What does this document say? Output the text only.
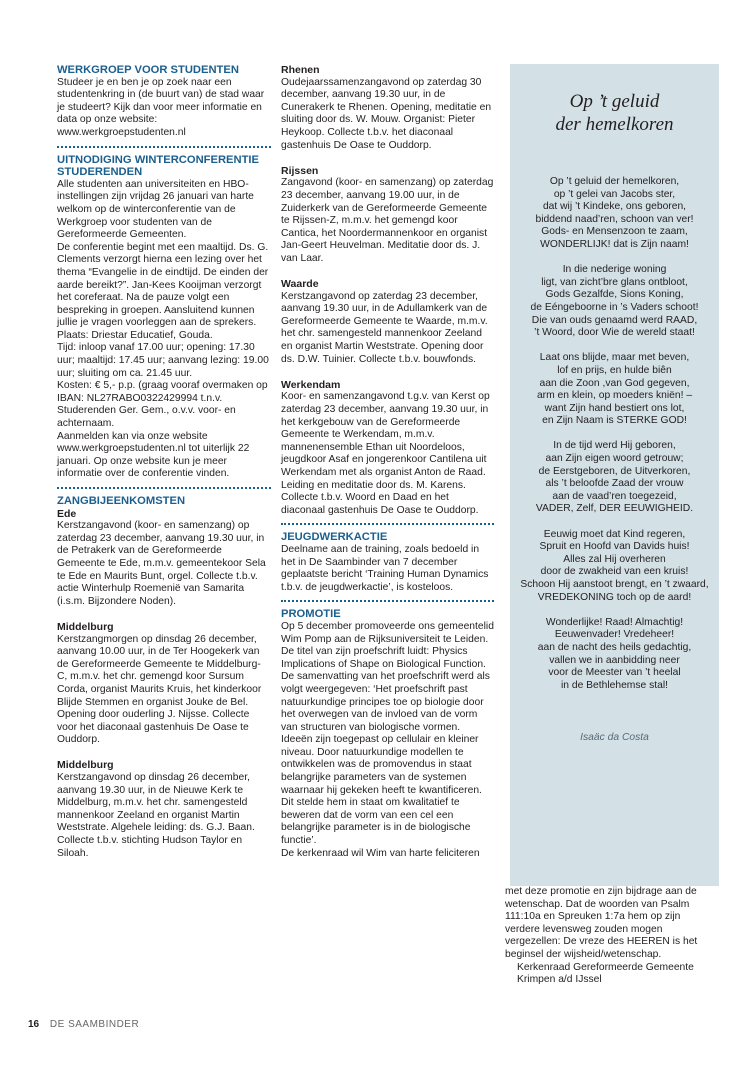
WERKGROEP VOOR STUDENTEN

Studeer je en ben je op zoek naar een studentenkring in (de buurt van) de stad waar je studeert? Kijk dan voor meer informatie en data op onze website:

www.werkgroepstudenten.nl

UITNODIGING WINTERCONFERENTIE STUDERENDEN

Alle studenten aan universiteiten en HBO-instellingen zijn vrijdag 26 januari van harte welkom op de winterconferentie van de Werkgroep voor studenten van de Gereformeerde Gemeenten.

De conferentie begint met een maaltijd. Ds. G. Clements verzorgt hierna een lezing over het thema “Evangelie in de eindtijd. De einden der aarde bereikt?”. Jan-Kees Kooijman verzorgt het coreferaat. Na de pauze volgt een bespreking in groepen. Aansluitend kunnen jullie je vragen voorleggen aan de sprekers.

Plaats: Driestar Educatief, Gouda.

Tijd: inloop vanaf 17.00 uur; opening: 17.30 uur; maaltijd: 17.45 uur; aanvang lezing: 19.00 uur; sluiting om ca. 21.45 uur.

Kosten: € 5,- p.p. (graag vooraf overmaken op IBAN: NL27RABO0322429994 t.n.v. Studerenden Ger. Gem., o.v.v. voor- en achternaam.

Aanmelden kan via onze website www.werkgroepstudenten.nl tot uiterlijk 22 januari. Op onze website kun je meer informatie over de conferentie vinden.

ZANGBIJEENKOMSTEN

Ede

Kerstzangavond (koor- en samenzang) op zaterdag 23 december, aanvang 19.30 uur, in de Petrakerk van de Gereformeerde Gemeente te Ede, m.m.v. gemeentekoor Sela te Ede en Maurits Bunt, orgel. Collecte t.b.v. actie Winterhulp Roemenië van Samarita (i.s.m. Bijzondere Noden).

Middelburg

Kerstzangmorgen op dinsdag 26 december, aanvang 10.00 uur, in de Ter Hoogekerk van de Gereformeerde Gemeente te Middelburg-C, m.m.v. het chr. gemengd koor Sursum Corda, organist Maurits Kruis, het kinderkoor Blijde Stemmen en organist Jouke de Bel. Opening door ouderling J. Nijsse. Collecte voor het diaconaal gastenhuis De Oase te Ouddorp.

Middelburg

Kerstzangavond op dinsdag 26 december, aanvang 19.30 uur, in de Nieuwe Kerk te Middelburg, m.m.v. het chr. samengesteld mannenkoor Zeeland en organist Martin Weststrate. Algehele leiding: ds. G.J. Baan. Collecte t.b.v. stichting Hudson Taylor en Siloah.

Rhenen

Oudejaarssamenzangavond op zaterdag 30 december, aanvang 19.30 uur, in de Cunerakerk te Rhenen. Opening, meditatie en sluiting door ds. W. Mouw. Organist: Pieter Heykoop. Collecte t.b.v. het diaconaal gastenhuis De Oase te Ouddorp.

Rijssen

Zangavond (koor- en samenzang) op zaterdag 23 december, aanvang 19.00 uur, in de Zuiderkerk van de Gereformeerde Gemeente te Rijssen-Z, m.m.v. het gemengd koor Cantica, het Noordermannenkoor en organist Jan-Geert Heuvelman. Meditatie door ds. J. van Laar.

Waarde

Kerstzangavond op zaterdag 23 december, aanvang 19.30 uur, in de Adullamkerk van de Gereformeerde Gemeente te Waarde, m.m.v. het chr. samengesteld mannenkoor Zeeland en organist Martin Weststrate. Opening door ds. D.W. Tuinier. Collecte t.b.v. bouwfonds.

Werkendam

Koor- en samenzangavond t.g.v. van Kerst op zaterdag 23 december, aanvang 19.30 uur, in het kerkgebouw van de Gereformeerde Gemeente te Werkendam, m.m.v. mannenensemble Ethan uit Noordeloos, jeugdkoor Asaf en jongerenkoor Cantilena uit Werkendam met als organist Anton de Raad. Leiding en meditatie door ds. M. Karens. Collecte t.b.v. Woord en Daad en het diaconaal gastenhuis De Oase te Ouddorp.

JEUGDWERKACTIE

Deelname aan de training, zoals bedoeld in het in De Saambinder van 7 december geplaatste bericht ‘Training Human Dynamics t.b.v. de jeugdwerkactie’, is kosteloos.

PROMOTIE

Op 5 december promoveerde ons gemeentelid Wim Pomp aan de Rijksuniversiteit te Leiden. De titel van zijn proefschrift luidt: Physics Implications of Shape on Biological Function. De samenvatting van het proefschrift werd als volgt weergegeven: ‘Het proefschrift past natuurkundige principes toe op biologie door het overwegen van de invloed van de vorm van structuren van biologische vormen. Ideeën zijn toegepast op cellulair en kleiner niveau. Door natuurkundige modellen te ontwikkelen was de promovendus in staat belangrijke parameters van de systemen waarnaar hij gekeken heeft te kwantificeren. Dit stelde hem in staat om kwalitatief te beweren dat de vorm van een cel een belangrijke parameter is in de biologische functie’.

De kerkenraad wil Wim van harte feliciteren

Op ’t geluid
der hemelkoren
Op ’t geluid der hemelkoren,
op ’t gelei van Jacobs ster,
dat wij ’t Kindeke, ons geboren,
biddend naad’ren, schoon van ver!
Gods- en Mensenzoon te zaam,
WONDERLIJK! dat is Zijn naam!
In die nederige woning
ligt, van zicht’bre glans ontbloot,
Gods Gezalfde, Sions Koning,
de Eéngeboorne in ’s Vaders schoot!
Die van ouds genaamd werd RAAD,
’t Woord, door Wie de wereld staat!
Laat ons blijde, maar met beven,
lof en prijs, en hulde biên
aan die Zoon ,van God gegeven,
arm en klein, op moeders kniën! –
want Zijn hand bestiert ons lot,
en Zijn Naam is STERKE GOD!
In de tijd werd Hij geboren,
aan Zijn eigen woord getrouw;
de Eerstgeboren, de Uitverkoren,
als ’t beloofde Zaad der vrouw
aan de vaad’ren toegezeid,
VADER, Zelf, DER EEUWIGHEID.
Eeuwig moet dat Kind regeren,
Spruit en Hoofd van Davids huis!
Alles zal Hij overheren
door de zwakheid van een kruis!
Schoon Hij aanstoot brengt, en ’t zwaard,
VREDEKONING toch op de aard!
Wonderlijke! Raad! Almachtig!
Eeuwenvader! Vredeheer!
aan de nacht des heils gedachtig,
vallen we in aanbidding neer
voor de Meester van ’t heelal
in de Bethlehemse stal!
Isaäc da Costa

met deze promotie en zijn bijdrage aan de wetenschap. Dat de woorden van Psalm 111:10a en Spreuken 1:7a hem op zijn verdere levensweg zouden mogen vergezellen: De vreze des HEEREN is het beginsel der wijsheid/wetenschap.

Kerkenraad Gereformeerde Gemeente

Krimpen a/d IJssel

16 DE SAAMBINDER
